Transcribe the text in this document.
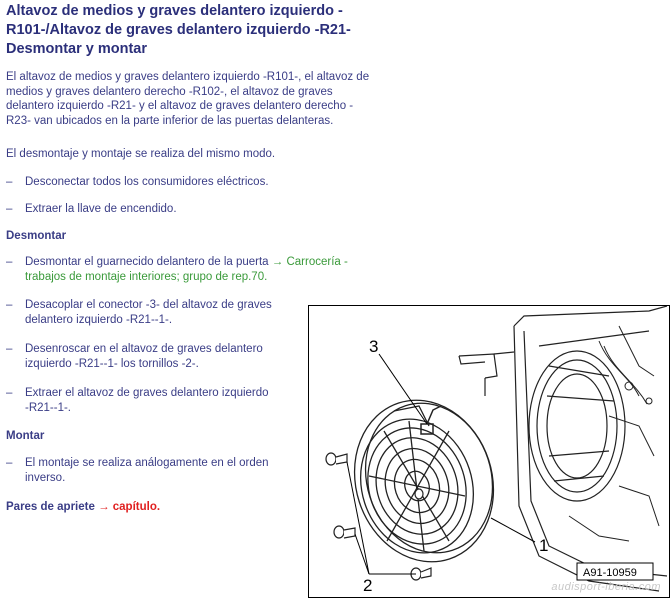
Altavoz de medios y graves delantero izquierdo -
R101-/Altavoz de graves delantero izquierdo -R21-
Desmontar y montar
El altavoz de medios y graves delantero izquierdo -R101-, el altavoz de
medios y graves delantero derecho -R102-, el altavoz de graves
delantero izquierdo -R21- y el altavoz de graves delantero derecho -
R23- van ubicados en la parte inferior de las puertas delanteras.
El desmontaje y montaje se realiza del mismo modo.
– Desconectar todos los consumidores eléctricos.
– Extraer la llave de encendido.
Desmontar
– Desmontar el guarnecido delantero de la puerta → Carrocería -
trabajos de montaje interiores; grupo de rep.70.
– Desacoplar el conector -3- del altavoz de graves
delantero izquierdo -R21--1-.
– Desenroscar en el altavoz de graves delantero
izquierdo -R21--1- los tornillos -2-.
– Extraer el altavoz de graves delantero izquierdo
-R21--1-.
Montar
– El montaje se realiza análogamente en el orden
inverso.
Pares de apriete → capítulo.
3
1
2
A91-10959
audisport-iberia.com
